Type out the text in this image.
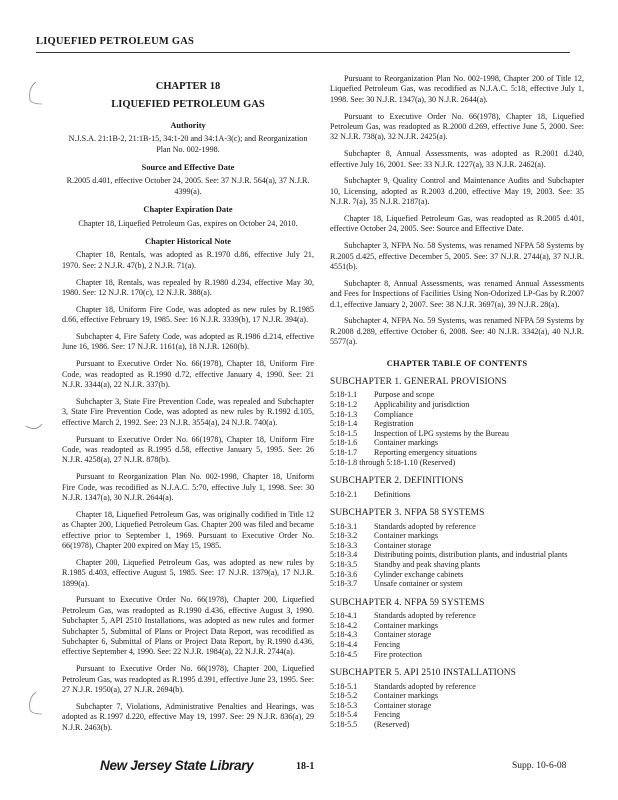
LIQUEFIED PETROLEUM GAS
CHAPTER 18
LIQUEFIED PETROLEUM GAS
Authority
N.J.S.A. 21:1B-2, 21:1B-15, 34:1-20 and 34:1A-3(c); and Reorganization Plan No. 002-1998.
Source and Effective Date
R.2005 d.401, effective October 24, 2005. See: 37 N.J.R. 564(a), 37 N.J.R. 4399(a).
Chapter Expiration Date
Chapter 18, Liquefied Petroleum Gas, expires on October 24, 2010.
Chapter Historical Note

Chapter 18, Rentals, was adopted as R.1970 d.86, effective July 21, 1970. See: 2 N.J.R. 47(b), 2 N.J.R. 71(a).

Chapter 18, Rentals, was repealed by R.1980 d.234, effective May 30, 1980. See: 12 N.J.R. 170(c), 12 N.J.R. 388(a).

Chapter 18, Uniform Fire Code, was adopted as new rules by R.1985 d.66, effective February 19, 1985. See: 16 N.J.R. 3339(b), 17 N.J.R. 394(a).

Subchapter 4, Fire Safety Code, was adopted as R.1986 d.214, effective June 16, 1986. See: 17 N.J.R. 1161(a), 18 N.J.R. 1260(b).

Pursuant to Executive Order No. 66(1978), Chapter 18, Uniform Fire Code, was readopted as R.1990 d.72, effective January 4, 1990. See: 21 N.J.R. 3344(a), 22 N.J.R. 337(b).

Subchapter 3, State Fire Prevention Code, was repealed and Subchapter 3, State Fire Prevention Code, was adopted as new rules by R.1992 d.105, effective March 2, 1992. See: 23 N.J.R. 3554(a), 24 N.J.R. 740(a).

Pursuant to Executive Order No. 66(1978), Chapter 18, Uniform Fire Code, was readopted as R.1995 d.58, effective January 5, 1995. See: 26 N.J.R. 4258(a), 27 N.J.R. 878(b).

Pursuant to Reorganization Plan No. 002-1998, Chapter 18, Uniform Fire Code, was recodified as N.J.A.C. 5:70, effective July 1, 1998. See: 30 N.J.R. 1347(a), 30 N.J.R. 2644(a).

Chapter 18, Liquefied Petroleum Gas, was originally codified in Title 12 as Chapter 200, Liquefied Petroleum Gas. Chapter 200 was filed and became effective prior to September 1, 1969. Pursuant to Executive Order No. 66(1978), Chapter 200 expired on May 15, 1985.

Chapter 200, Liquefied Petroleum Gas, was adopted as new rules by R.1985 d.403, effective August 5, 1985. See: 17 N.J.R. 1379(a), 17 N.J.R. 1899(a).

Pursuant to Executive Order No. 66(1978), Chapter 200, Liquefied Petroleum Gas, was readopted as R.1990 d.436, effective August 3, 1990. Subchapter 5, API 2510 Installations, was adopted as new rules and former Subchapter 5, Submittal of Plans or Project Data Report, was recodified as Subchapter 6, Submittal of Plans or Project Data Report, by R.1990 d.436, effective September 4, 1990. See: 22 N.J.R. 1984(a), 22 N.J.R. 2744(a).

Pursuant to Executive Order No. 66(1978), Chapter 200, Liquefied Petroleum Gas, was readopted as R.1995 d.391, effective June 23, 1995. See: 27 N.J.R. 1950(a), 27 N.J.R. 2694(b).

Subchapter 7, Violations, Administrative Penalties and Hearings, was adopted as R.1997 d.220, effective May 19, 1997. See: 29 N.J.R. 836(a), 29 N.J.R. 2463(b).

Pursuant to Reorganization Plan No. 002-1998, Chapter 200 of Title 12, Liquefied Petroleum Gas, was recodified as N.J.A.C. 5:18, effective July 1, 1998. See: 30 N.J.R. 1347(a), 30 N.J.R. 2644(a).

Pursuant to Executive Order No. 66(1978), Chapter 18, Liquefied Petroleum Gas, was readopted as R.2000 d.269, effective June 5, 2000. See: 32 N.J.R. 738(a), 32 N.J.R. 2425(a).

Subchapter 8, Annual Assessments, was adopted as R.2001 d.240, effective July 16, 2001. See: 33 N.J.R. 1227(a), 33 N.J.R. 2462(a).

Subchapter 9, Quality Control and Maintenance Audits and Subchapter 10, Licensing, adopted as R.2003 d.200, effective May 19, 2003. See: 35 N.J.R. 7(a), 35 N.J.R. 2187(a).

Chapter 18, Liquefied Petroleum Gas, was readopted as R.2005 d.401, effective October 24, 2005. See: Source and Effective Date.

Subchapter 3, NFPA No. 58 Systems, was renamed NFPA 58 Systems by R.2005 d.425, effective December 5, 2005. See: 37 N.J.R. 2744(a), 37 N.J.R. 4551(b).

Subchapter 8, Annual Assessments, was renamed Annual Assessments and Fees for Inspections of Facilities Using Non-Odorized LP-Gas by R.2007 d.1, effective January 2, 2007. See: 38 N.J.R. 3697(a), 39 N.J.R. 28(a).

Subchapter 4, NFPA No. 59 Systems, was renamed NFPA 59 Systems by R.2008 d.289, effective October 6, 2008. See: 40 N.J.R. 3342(a), 40 N.J.R. 5577(a).

CHAPTER TABLE OF CONTENTS
SUBCHAPTER 1. GENERAL PROVISIONS
5:18-1.1	Purpose and scope
5:18-1.2	Applicability and jurisdiction
5:18-1.3	Compliance
5:18-1.4	Registration
5:18-1.5	Inspection of LPG systems by the Bureau
5:18-1.6	Container markings
5:18-1.7	Reporting emergency situations
5:18-1.8 through 5:18-1.10 (Reserved)
SUBCHAPTER 2. DEFINITIONS
5:18-2.1	Definitions
SUBCHAPTER 3. NFPA 58 SYSTEMS
5:18-3.1	Standards adopted by reference
5:18-3.2	Container markings
5:18-3.3	Container storage
5:18-3.4	Distributing points, distribution plants, and industrial plants
5:18-3.5	Standby and peak shaving plants
5:18-3.6	Cylinder exchange cabinets
5:18-3.7	Unsafe container or system
SUBCHAPTER 4. NFPA 59 SYSTEMS
5:18-4.1	Standards adopted by reference
5:18-4.2	Container markings
5:18-4.3	Container storage
5:18-4.4	Fencing
5:18-4.5	Fire protection
SUBCHAPTER 5. API 2510 INSTALLATIONS
5:18-5.1	Standards adopted by reference
5:18-5.2	Container markings
5:18-5.3	Container storage
5:18-5.4	Fencing
5:18-5.5	(Reserved)
New Jersey State Library	18-1	Supp. 10-6-08
